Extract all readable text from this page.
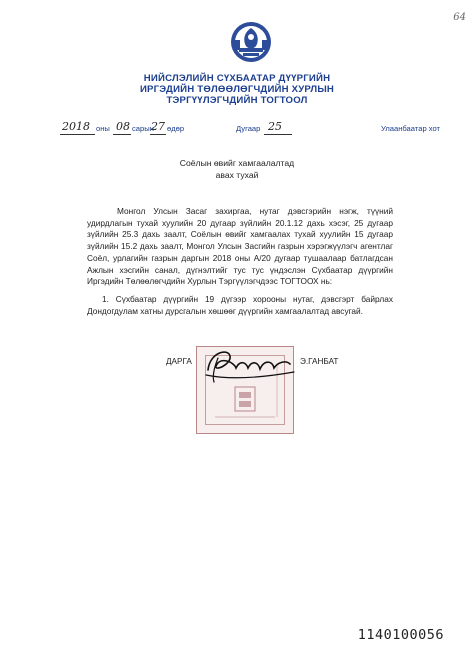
64
НИЙСЛЭЛИЙН СҮХБААТАР ДҮҮРГИЙН
ИРГЭДИЙН ТӨЛӨӨЛӨГЧДИЙН ХУРЛЫН
ТЭРГҮҮЛЭГЧДИЙН ТОГТООЛ
2018 оны 08 сарын
27 өдөр	Дугаар 25	Улаанбаатар хот
Соёлын өвийг хамгаалалтад
авах тухай
Монгол Улсын Засаг захиргаа, нутаг дэвсгэрийн нэгж, түүний удирдлагын тухай хуулийн 20 дугаар зүйлийн 20.1.12 дахь хэсэг, 25 дугаар зүйлийн 25.3 дахь заалт, Соёлын өвийг хамгаалах тухай хуулийн 15 дугаар зүйлийн 15.2 дахь заалт, Монгол Улсын Засгийн газрын хэрэгжүүлэгч агентлаг Соёл, урлагийн газрын даргын 2018 оны А/20 дугаар тушаалаар батлагдсан Ажлын хэсгийн санал, дүгнэлтийг тус тус үндэслэн Сүхбаатар дүүргийн Иргэдийн Төлөөлөгчдийн Хурлын Тэргүүлэгчдээс ТОГТООХ нь:
1. Сүхбаатар дүүргийн 19 дүгээр хорооны нутаг, дэвсгэрт байрлах Дондогдулам хатны дурсгалын хөшөөг дүүргийн хамгаалалтад авсугай.
ДАРГА	Э.ГАНБАТ
1140100056
